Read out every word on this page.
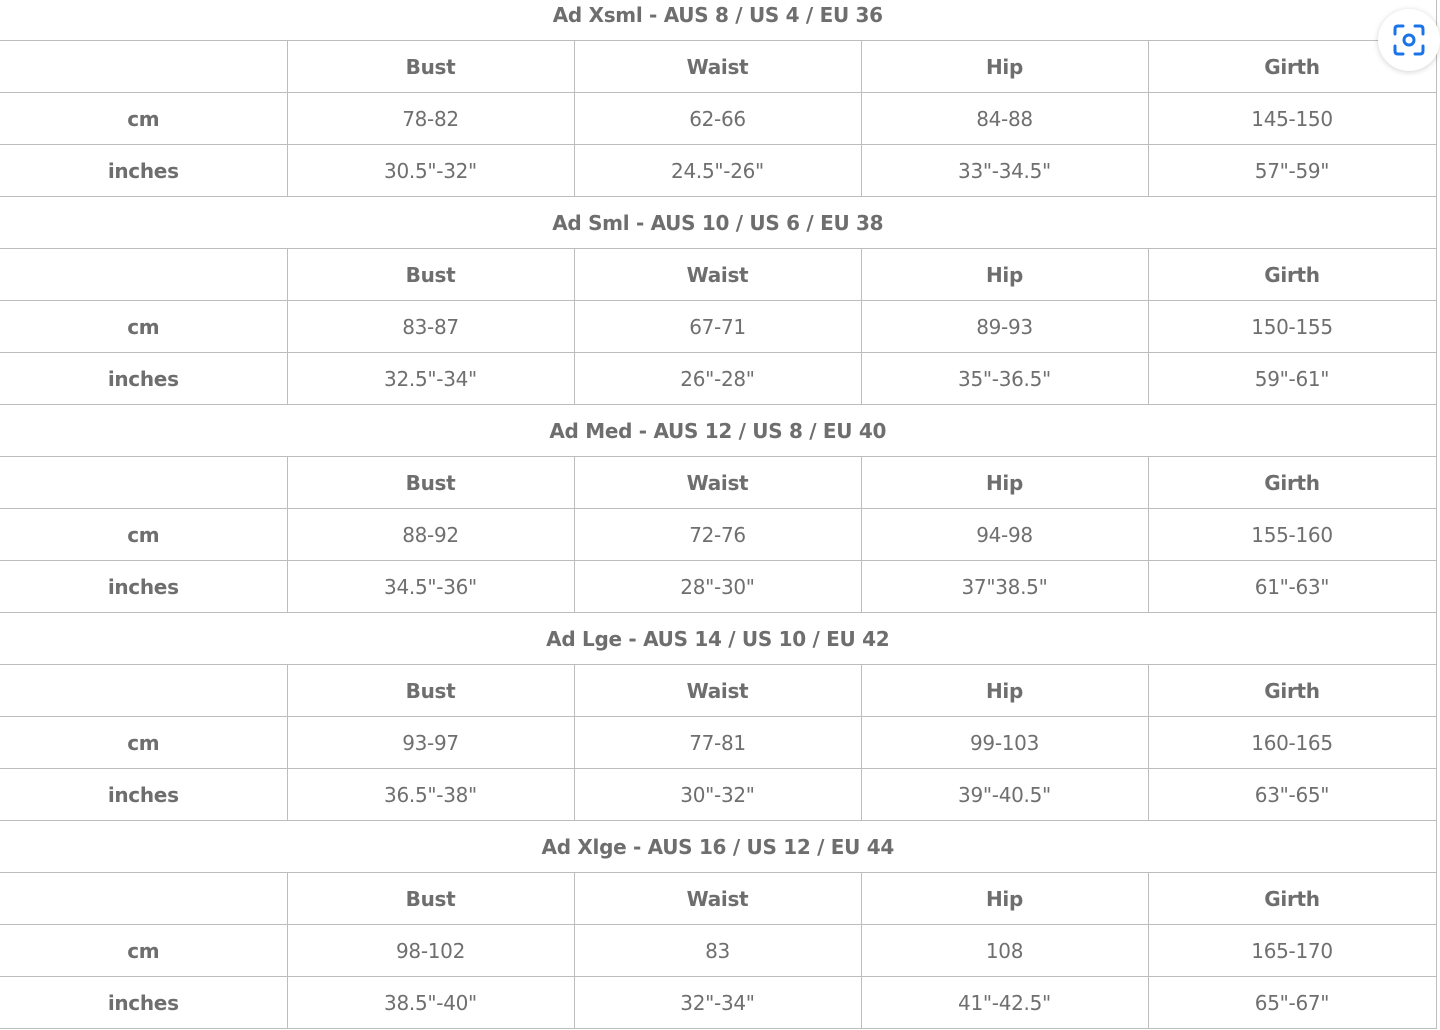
Ad Xsml - AUS 8 / US 4 / EU 36				
	Bust	Waist	Hip	Girth
cm	78-82	62-66	84-88	145-150
inches	30.5"-32"	24.5"-26"	33"-34.5"	57"-59"
Ad Sml - AUS 10 / US 6 / EU 38				
	Bust	Waist	Hip	Girth
cm	83-87	67-71	89-93	150-155
inches	32.5"-34"	26"-28"	35"-36.5"	59"-61"
Ad Med - AUS 12 / US 8 / EU 40				
	Bust	Waist	Hip	Girth
cm	88-92	72-76	94-98	155-160
inches	34.5"-36"	28"-30"	37"38.5"	61"-63"
Ad Lge - AUS 14 / US 10 / EU 42				
	Bust	Waist	Hip	Girth
cm	93-97	77-81	99-103	160-165
inches	36.5"-38"	30"-32"	39"-40.5"	63"-65"
Ad Xlge - AUS 16 / US 12 / EU 44				
	Bust	Waist	Hip	Girth
cm	98-102	83	108	165-170
inches	38.5"-40"	32"-34"	41"-42.5"	65"-67"
